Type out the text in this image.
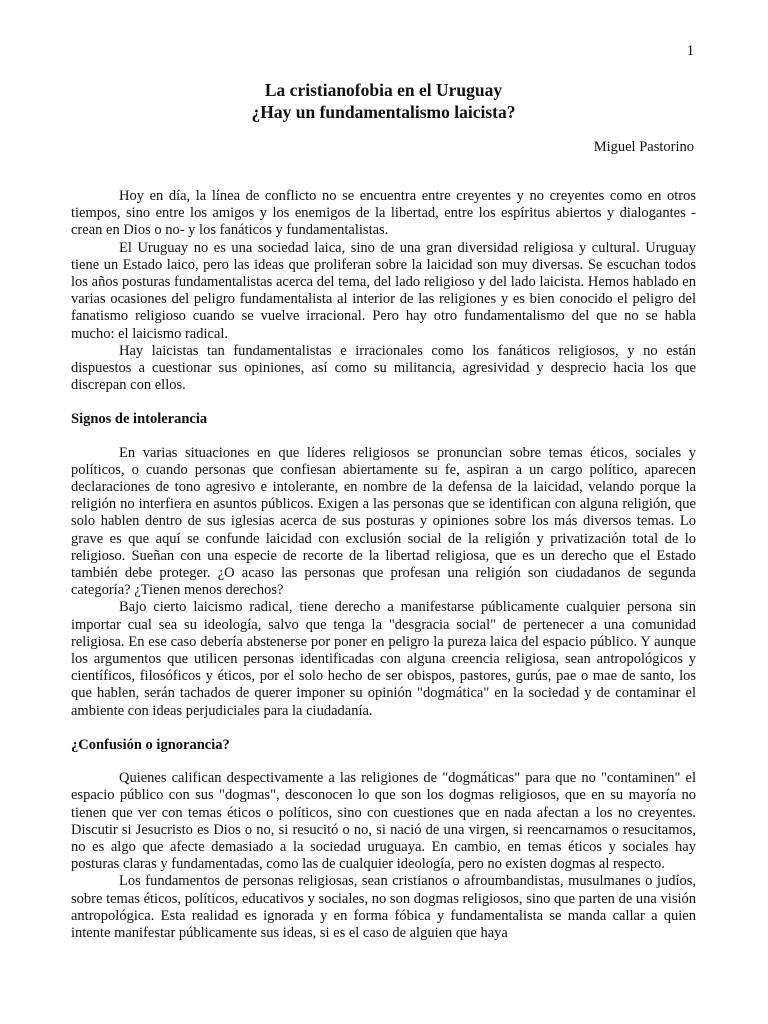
1
La cristianofobia en el Uruguay
¿Hay un fundamentalismo laicista?
Miguel Pastorino

Hoy en día, la línea de conflicto no se encuentra entre creyentes y no creyentes como en otros tiempos, sino entre los amigos y los enemigos de la libertad, entre los espíritus abiertos y dialogantes -crean en Dios o no- y los fanáticos y fundamentalistas.

El Uruguay no es una sociedad laica, sino de una gran diversidad religiosa y cultural. Uruguay tiene un Estado laico, pero las ideas que proliferan sobre la laicidad son muy diversas. Se escuchan todos los años posturas fundamentalistas acerca del tema, del lado religioso y del lado laicista. Hemos hablado en varias ocasiones del peligro fundamentalista al interior de las religiones y es bien conocido el peligro del fanatismo religioso cuando se vuelve irracional. Pero hay otro fundamentalismo del que no se habla mucho: el laicismo radical.

Hay laicistas tan fundamentalistas e irracionales como los fanáticos religiosos, y no están dispuestos a cuestionar sus opiniones, así como su militancia, agresividad y desprecio hacia los que discrepan con ellos.

Signos de intolerancia

En varias situaciones en que líderes religiosos se pronuncian sobre temas éticos, sociales y políticos, o cuando personas que confiesan abiertamente su fe, aspiran a un cargo político, aparecen declaraciones de tono agresivo e intolerante, en nombre de la defensa de la laicidad, velando porque la religión no interfiera en asuntos públicos. Exigen a las personas que se identifican con alguna religión, que solo hablen dentro de sus iglesias acerca de sus posturas y opiniones sobre los más diversos temas. Lo grave es que aquí se confunde laicidad con exclusión social de la religión y privatización total de lo religioso. Sueñan con una especie de recorte de la libertad religiosa, que es un derecho que el Estado también debe proteger. ¿O acaso las personas que profesan una religión son ciudadanos de segunda categoría? ¿Tienen menos derechos?

Bajo cierto laicismo radical, tiene derecho a manifestarse públicamente cualquier persona sin importar cual sea su ideología, salvo que tenga la "desgracia social" de pertenecer a una comunidad religiosa. En ese caso debería abstenerse por poner en peligro la pureza laica del espacio público. Y aunque los argumentos que utilicen personas identificadas con alguna creencia religiosa, sean antropológicos y científicos, filosóficos y éticos, por el solo hecho de ser obispos, pastores, gurús, pae o mae de santo, los que hablen, serán tachados de querer imponer su opinión "dogmática" en la sociedad y de contaminar el ambiente con ideas perjudiciales para la ciudadanía.

¿Confusión o ignorancia?

Quienes califican despectivamente a las religiones de "dogmáticas" para que no "contaminen" el espacio público con sus "dogmas", desconocen lo que son los dogmas religiosos, que en su mayoría no tienen que ver con temas éticos o políticos, sino con cuestiones que en nada afectan a los no creyentes. Discutir si Jesucristo es Dios o no, si resucitó o no, si nació de una virgen, si reencarnamos o resucitamos, no es algo que afecte demasiado a la sociedad uruguaya. En cambio, en temas éticos y sociales hay posturas claras y fundamentadas, como las de cualquier ideología, pero no existen dogmas al respecto.

Los fundamentos de personas religiosas, sean cristianos o afroumbandistas, musulmanes o judíos, sobre temas éticos, políticos, educativos y sociales, no son dogmas religiosos, sino que parten de una visión antropológica. Esta realidad es ignorada y en forma fóbica y fundamentalista se manda callar a quien intente manifestar públicamente sus ideas, si es el caso de alguien que haya
